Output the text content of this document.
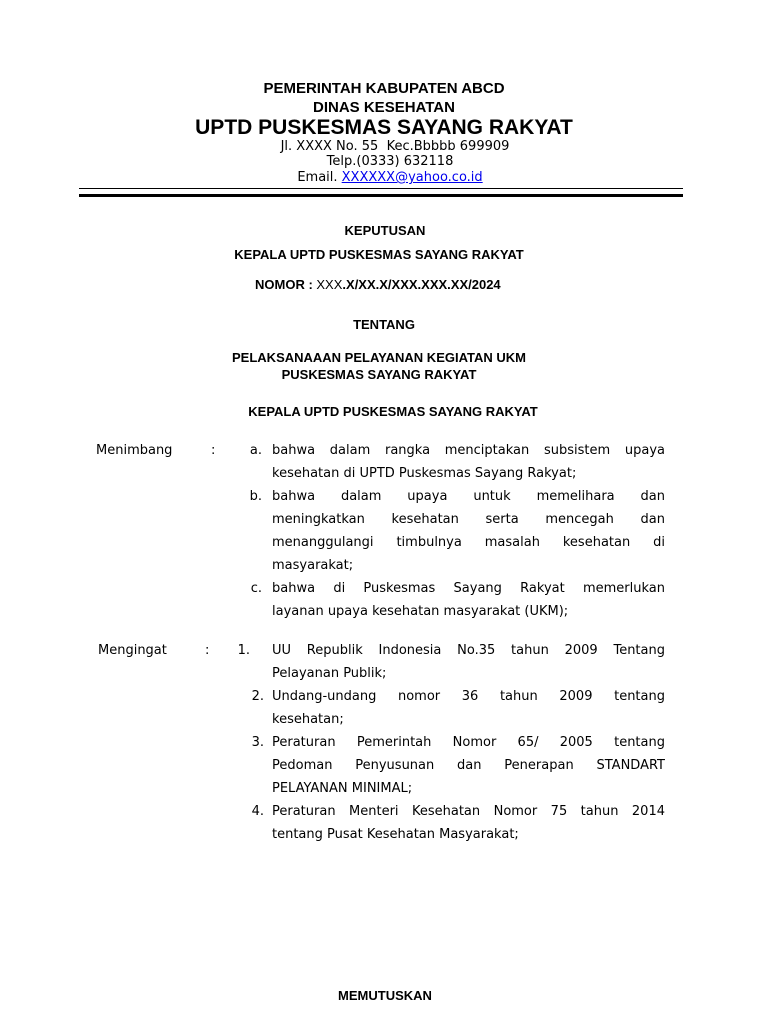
PEMERINTAH KABUPATEN ABCD
DINAS KESEHATAN
UPTD PUSKESMAS SAYANG RAKYAT
Jl. XXXX No. 55  Kec.Bbbbb 699909
Telp.(0333) 632118
Email. XXXXXX@yahoo.co.id
KEPUTUSAN
KEPALA UPTD PUSKESMAS SAYANG RAKYAT
NOMOR : XXX.X/XX.X/XXX.XXX.XX/2024
TENTANG
PELAKSANAAAN PELAYANAN KEGIATAN UKM
PUSKESMAS SAYANG RAKYAT
KEPALA UPTD PUSKESMAS SAYANG RAKYAT
Menimbang	:	a. bahwa dalam rangka menciptakan subsistem upaya
kesehatan di UPTD Puskesmas Sayang Rakyat;
b. bahwa dalam upaya untuk memelihara dan
meningkatkan kesehatan serta mencegah dan menanggulangi timbulnya masalah kesehatan di masyarakat;
c. bahwa di Puskesmas Sayang Rakyat memerlukan
layanan upaya kesehatan masyarakat (UKM);
Mengingat	:	1. UU Republik Indonesia No.35 tahun 2009 Tentang
Pelayanan Publik;
2. Undang-undang nomor 36 tahun 2009 tentang
kesehatan;
3. Peraturan Pemerintah Nomor 65/ 2005 tentang
Pedoman Penyusunan dan Penerapan STANDART PELAYANAN MINIMAL;
4. Peraturan Menteri Kesehatan Nomor 75 tahun 2014
tentang Pusat Kesehatan Masyarakat;
MEMUTUSKAN
